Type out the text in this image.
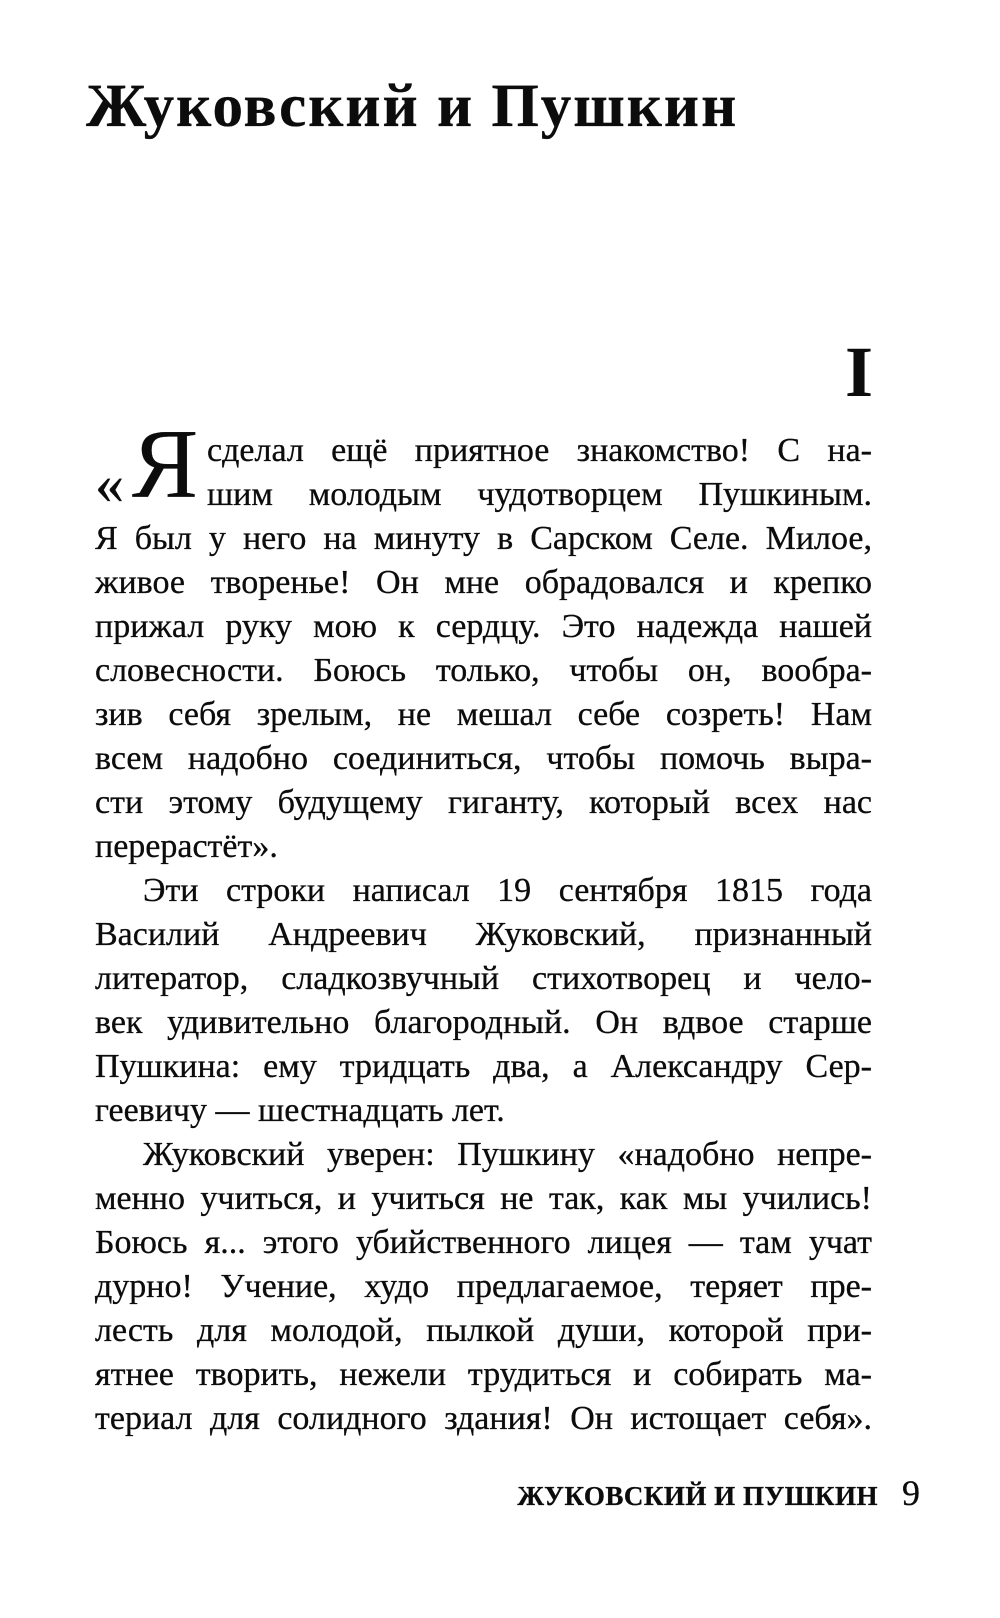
Жуковский и Пушкин
I
« Я сделал ещё приятное знакомство! С на-
шим молодым чудотворцем Пушкиным.
Я был у него на минуту в Сарском Селе. Милое,
живое творенье! Он мне обрадовался и крепко
прижал руку мою к сердцу. Это надежда нашей
словесности. Боюсь только, чтобы он, вообра-
зив себя зрелым, не мешал себе созреть! Нам
всем надобно соединиться, чтобы помочь выра-
сти этому будущему гиганту, который всех нас
перерастёт».
Эти строки написал 19 сентября 1815 года
Василий Андреевич Жуковский, признанный
литератор, сладкозвучный стихотворец и чело-
век удивительно благородный. Он вдвое старше
Пушкина: ему тридцать два, а Александру Сер-
геевичу — шестнадцать лет.
Жуковский уверен: Пушкину «надобно непре-
менно учиться, и учиться не так, как мы учились!
Боюсь я... этого убийственного лицея — там учат
дурно! Учение, худо предлагаемое, теряет пре-
лесть для молодой, пылкой души, которой при-
ятнее творить, нежели трудиться и собирать ма-
териал для солидного здания! Он истощает себя».
ЖУКОВСКИЙ И ПУШКИН 9
